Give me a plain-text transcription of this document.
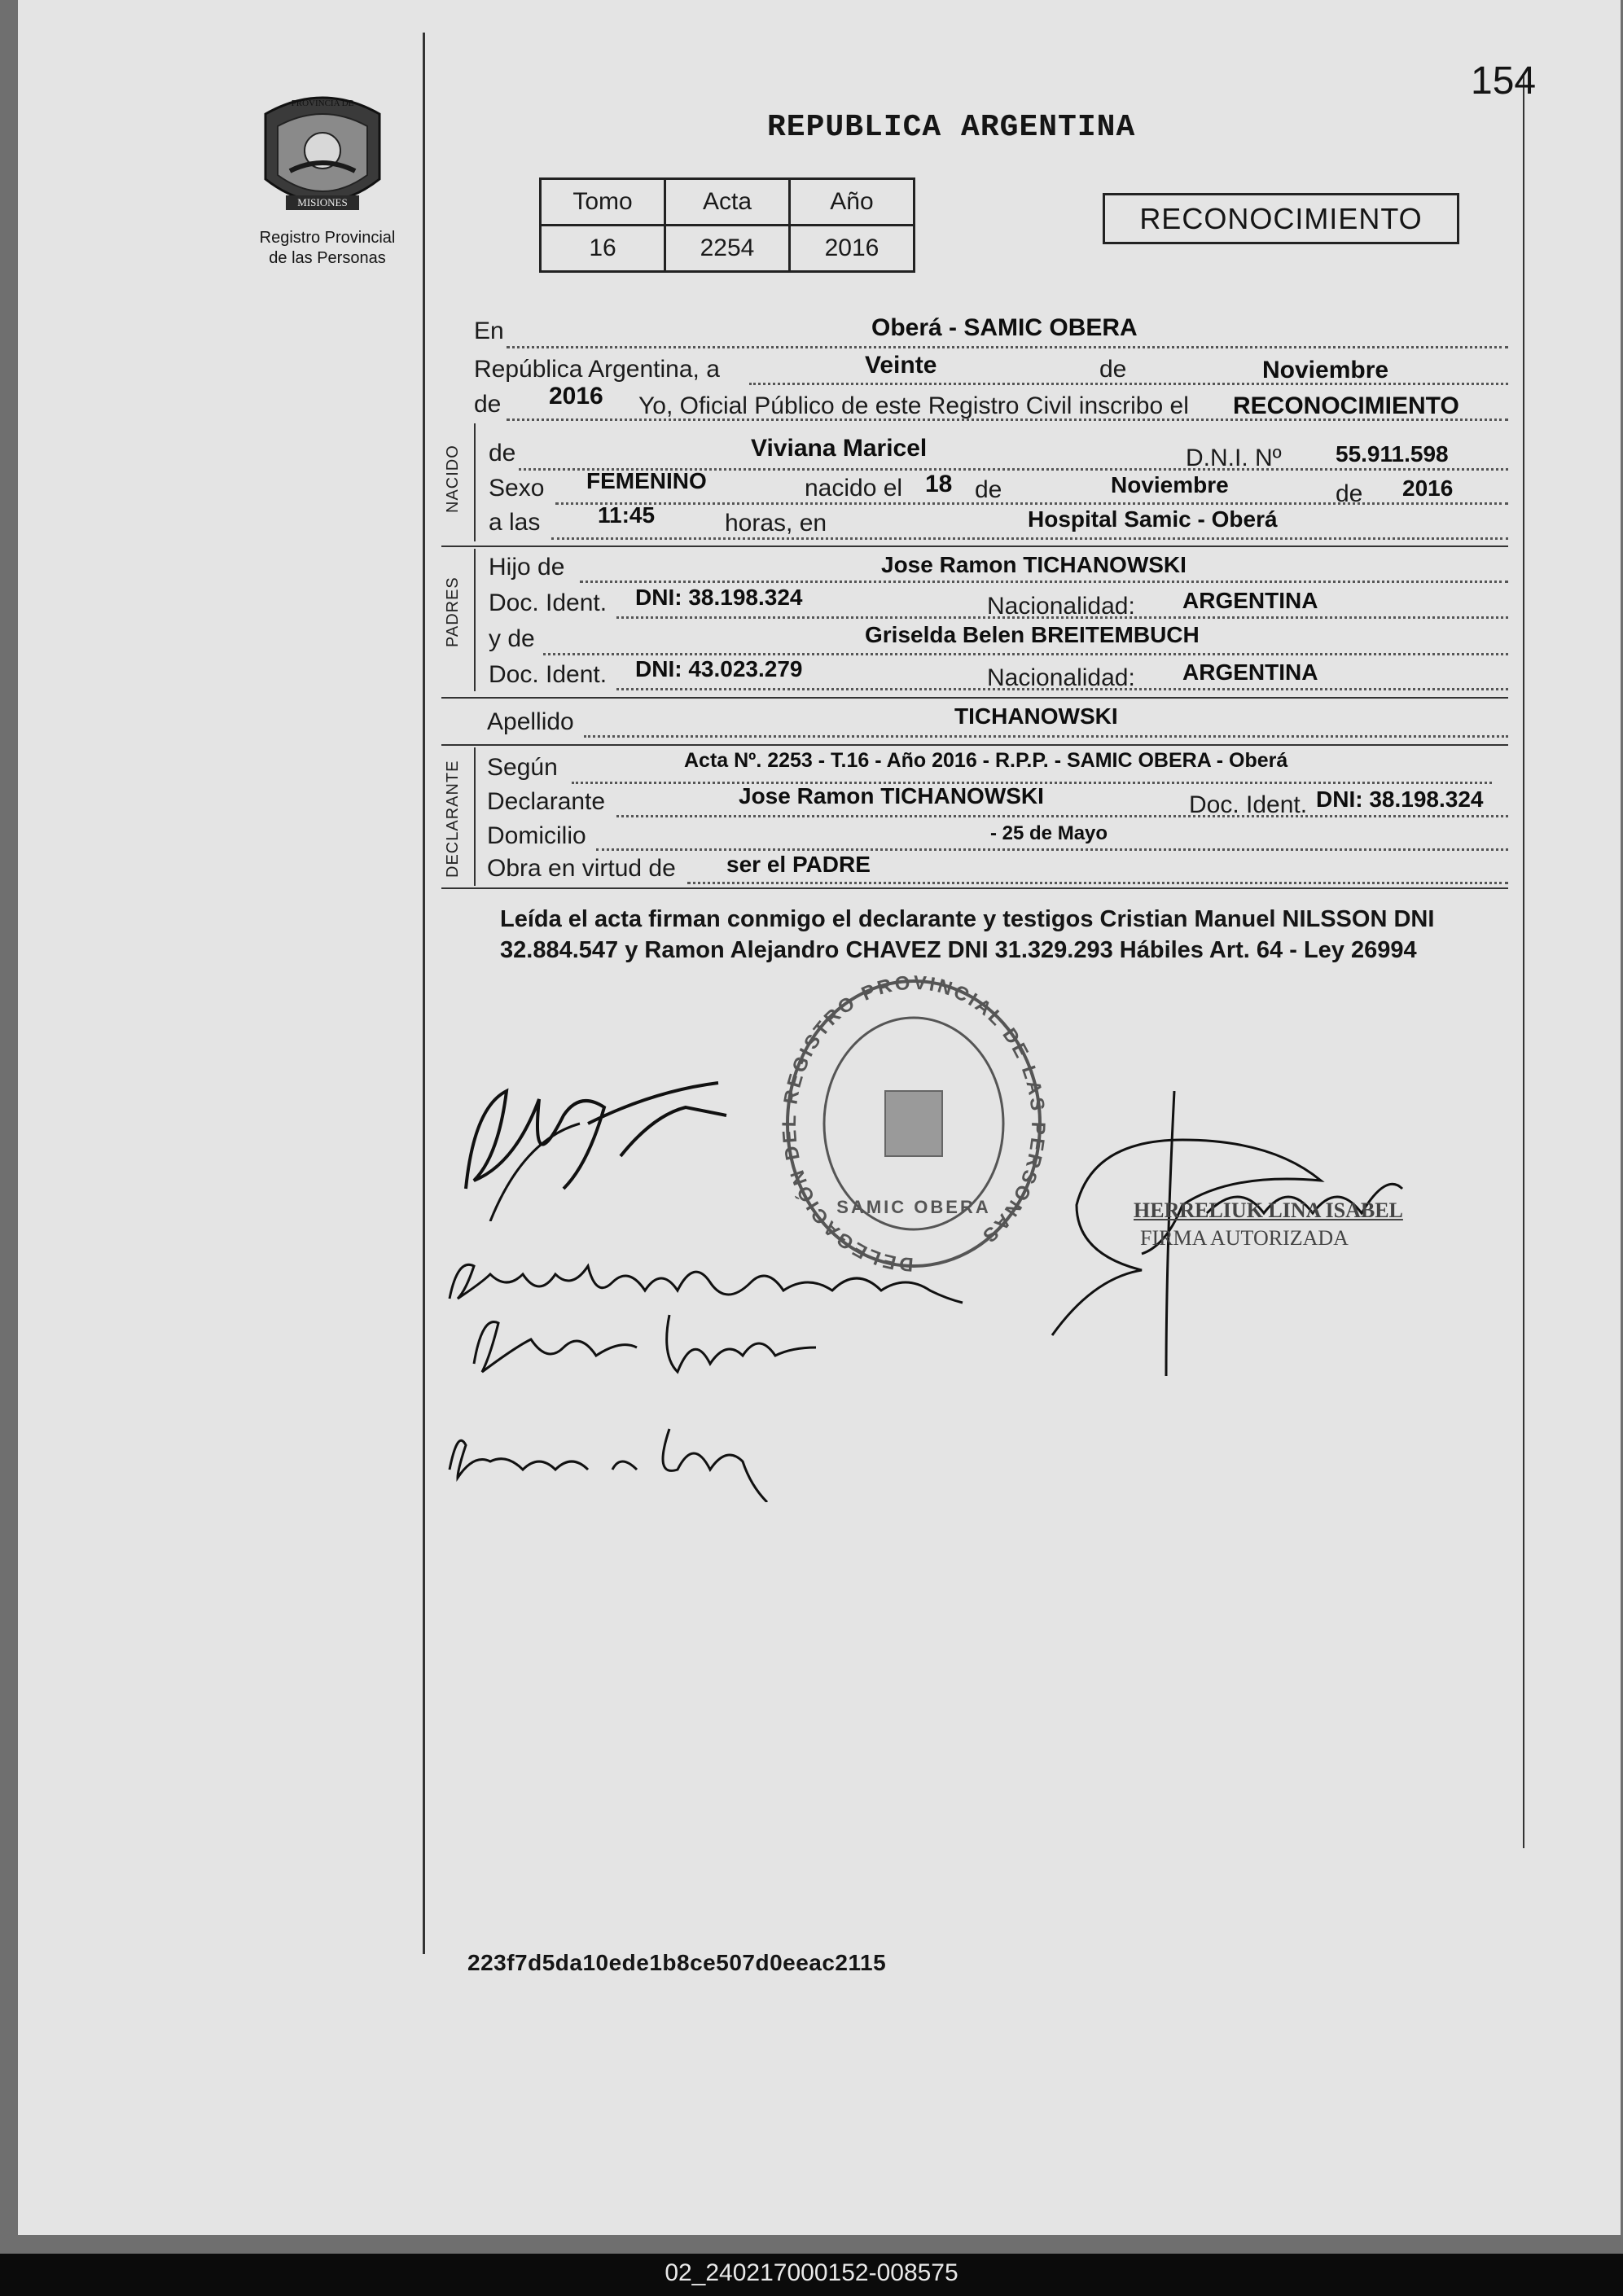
154
PROVINCIA DE
MISIONES
Registro Provincial
de las Personas
REPUBLICA ARGENTINA
Tomo	Acta	Año
16	2254	2016
RECONOCIMIENTO
En	Oberá - SAMIC OBERA
República Argentina, a	Veinte	de	Noviembre
de 2016 Yo, Oficial Público de este Registro Civil inscribo el RECONOCIMIENTO
NACIDO de	Viviana Maricel	D.N.I. Nº 55.911.598
Sexo FEMENINO	nacido el 18 de	Noviembre	de 2016
a las	11:45	horas, en	Hospital Samic - Oberá
PADRES
Hijo de	Jose Ramon TICHANOWSKI
Doc. Ident. DNI: 38.198.324	Nacionalidad: ARGENTINA
y de	Griselda Belen BREITEMBUCH
Doc. Ident. DNI: 43.023.279	Nacionalidad: ARGENTINA
Apellido	TICHANOWSKI
DECLARANTE Según	Acta Nº. 2253 - T.16 - Año 2016 - R.P.P. - SAMIC OBERA - Oberá
Declarante	Jose Ramon TICHANOWSKI	Doc. Ident. DNI: 38.198.324
Domicilio	- 25 de Mayo
Obra en virtud de ser el PADRE
Leída el acta firman conmigo el declarante y testigos Cristian Manuel NILSSON DNI 32.884.547 y Ramon Alejandro CHAVEZ DNI 31.329.293 Hábiles Art. 64 - Ley 26994
DELEGACIÓN DEL REGISTRO PROVINCIAL DE LAS PERSONAS
SAMIC OBERA	HERRELIUK LINA ISABEL
FIRMA AUTORIZADA
223f7d5da10ede1b8ce507d0eeac2115
02_240217000152-008575
